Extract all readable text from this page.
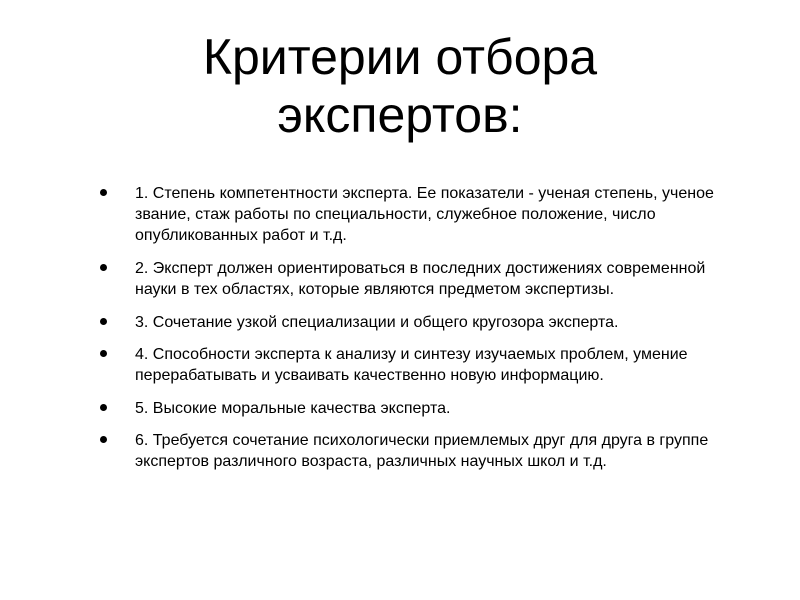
Критерии отбора
экспертов:
1. Степень компетентности эксперта. Ее показатели - ученая степень, ученое звание, стаж работы по специальности, служебное положение, число опубликованных работ и т.д.
2. Эксперт должен ориентироваться в последних достижениях современной науки в тех областях, которые являются предметом экспертизы.
3. Сочетание узкой специализации и общего кругозора эксперта.
4. Способности эксперта к анализу и синтезу изучаемых проблем, умение перерабатывать и усваивать качественно новую информацию.
5. Высокие моральные качества эксперта.
6. Требуется сочетание психологически приемлемых друг для друга в группе экспертов различного возраста, различных научных школ и т.д.
